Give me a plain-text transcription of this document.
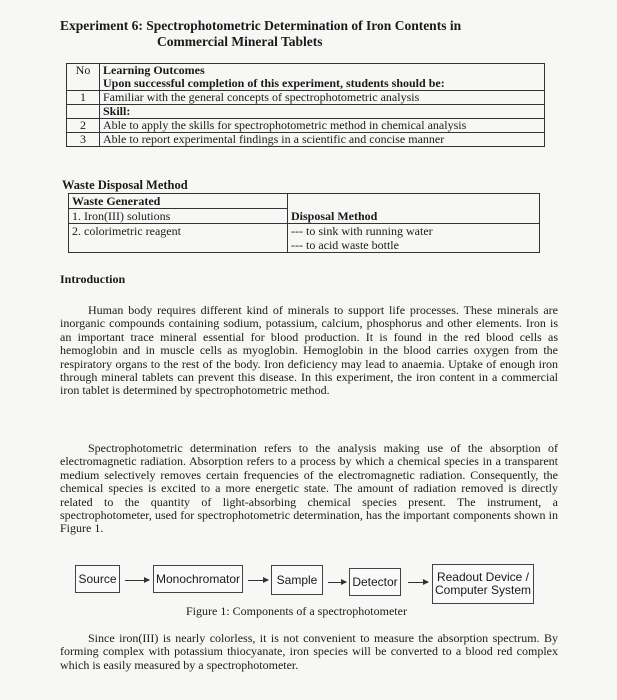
Experiment 6: Spectrophotometric Determination of Iron Contents in
Commercial Mineral Tablets
No	Learning Outcomes
	Upon successful completion of this experiment, students should be:
1	Familiar with the general concepts of spectrophotometric analysis
	Skill:
2	Able to apply the skills for spectrophotometric method in chemical analysis
3	Able to report experimental findings in a scientific and concise manner
Waste Disposal Method
Waste Generated	Disposal Method
1. Iron(III) solutions	
2. colorimetric reagent	--- to sink with running water
--- to acid waste bottle
Introduction

Human body requires different kind of minerals to support life processes. These minerals are inorganic compounds containing sodium, potassium, calcium, phosphorus and other elements. Iron is an important trace mineral essential for blood production. It is found in the red blood cells as hemoglobin and in muscle cells as myoglobin. Hemoglobin in the blood carries oxygen from the respiratory organs to the rest of the body. Iron deficiency may lead to anaemia. Uptake of enough iron through mineral tablets can prevent this disease. In this experiment, the iron content in a commercial iron tablet is determined by spectrophotometric method.

Spectrophotometric determination refers to the analysis making use of the absorption of electromagnetic radiation. Absorption refers to a process by which a chemical species in a transparent medium selectively removes certain frequencies of the electromagnetic radiation. Consequently, the chemical species is excited to a more energetic state. The amount of radiation removed is directly related to the quantity of light-absorbing chemical species present. The instrument, a spectrophotometer, used for spectrophotometric determination, has the important components shown in Figure 1.

Source	Monochromator	Sample	Detector	Readout Device /
Computer System
Figure 1: Components of a spectrophotometer

Since iron(III) is nearly colorless, it is not convenient to measure the absorption spectrum. By forming complex with potassium thiocyanate, iron species will be converted to a blood red complex which is easily measured by a spectrophotometer.
